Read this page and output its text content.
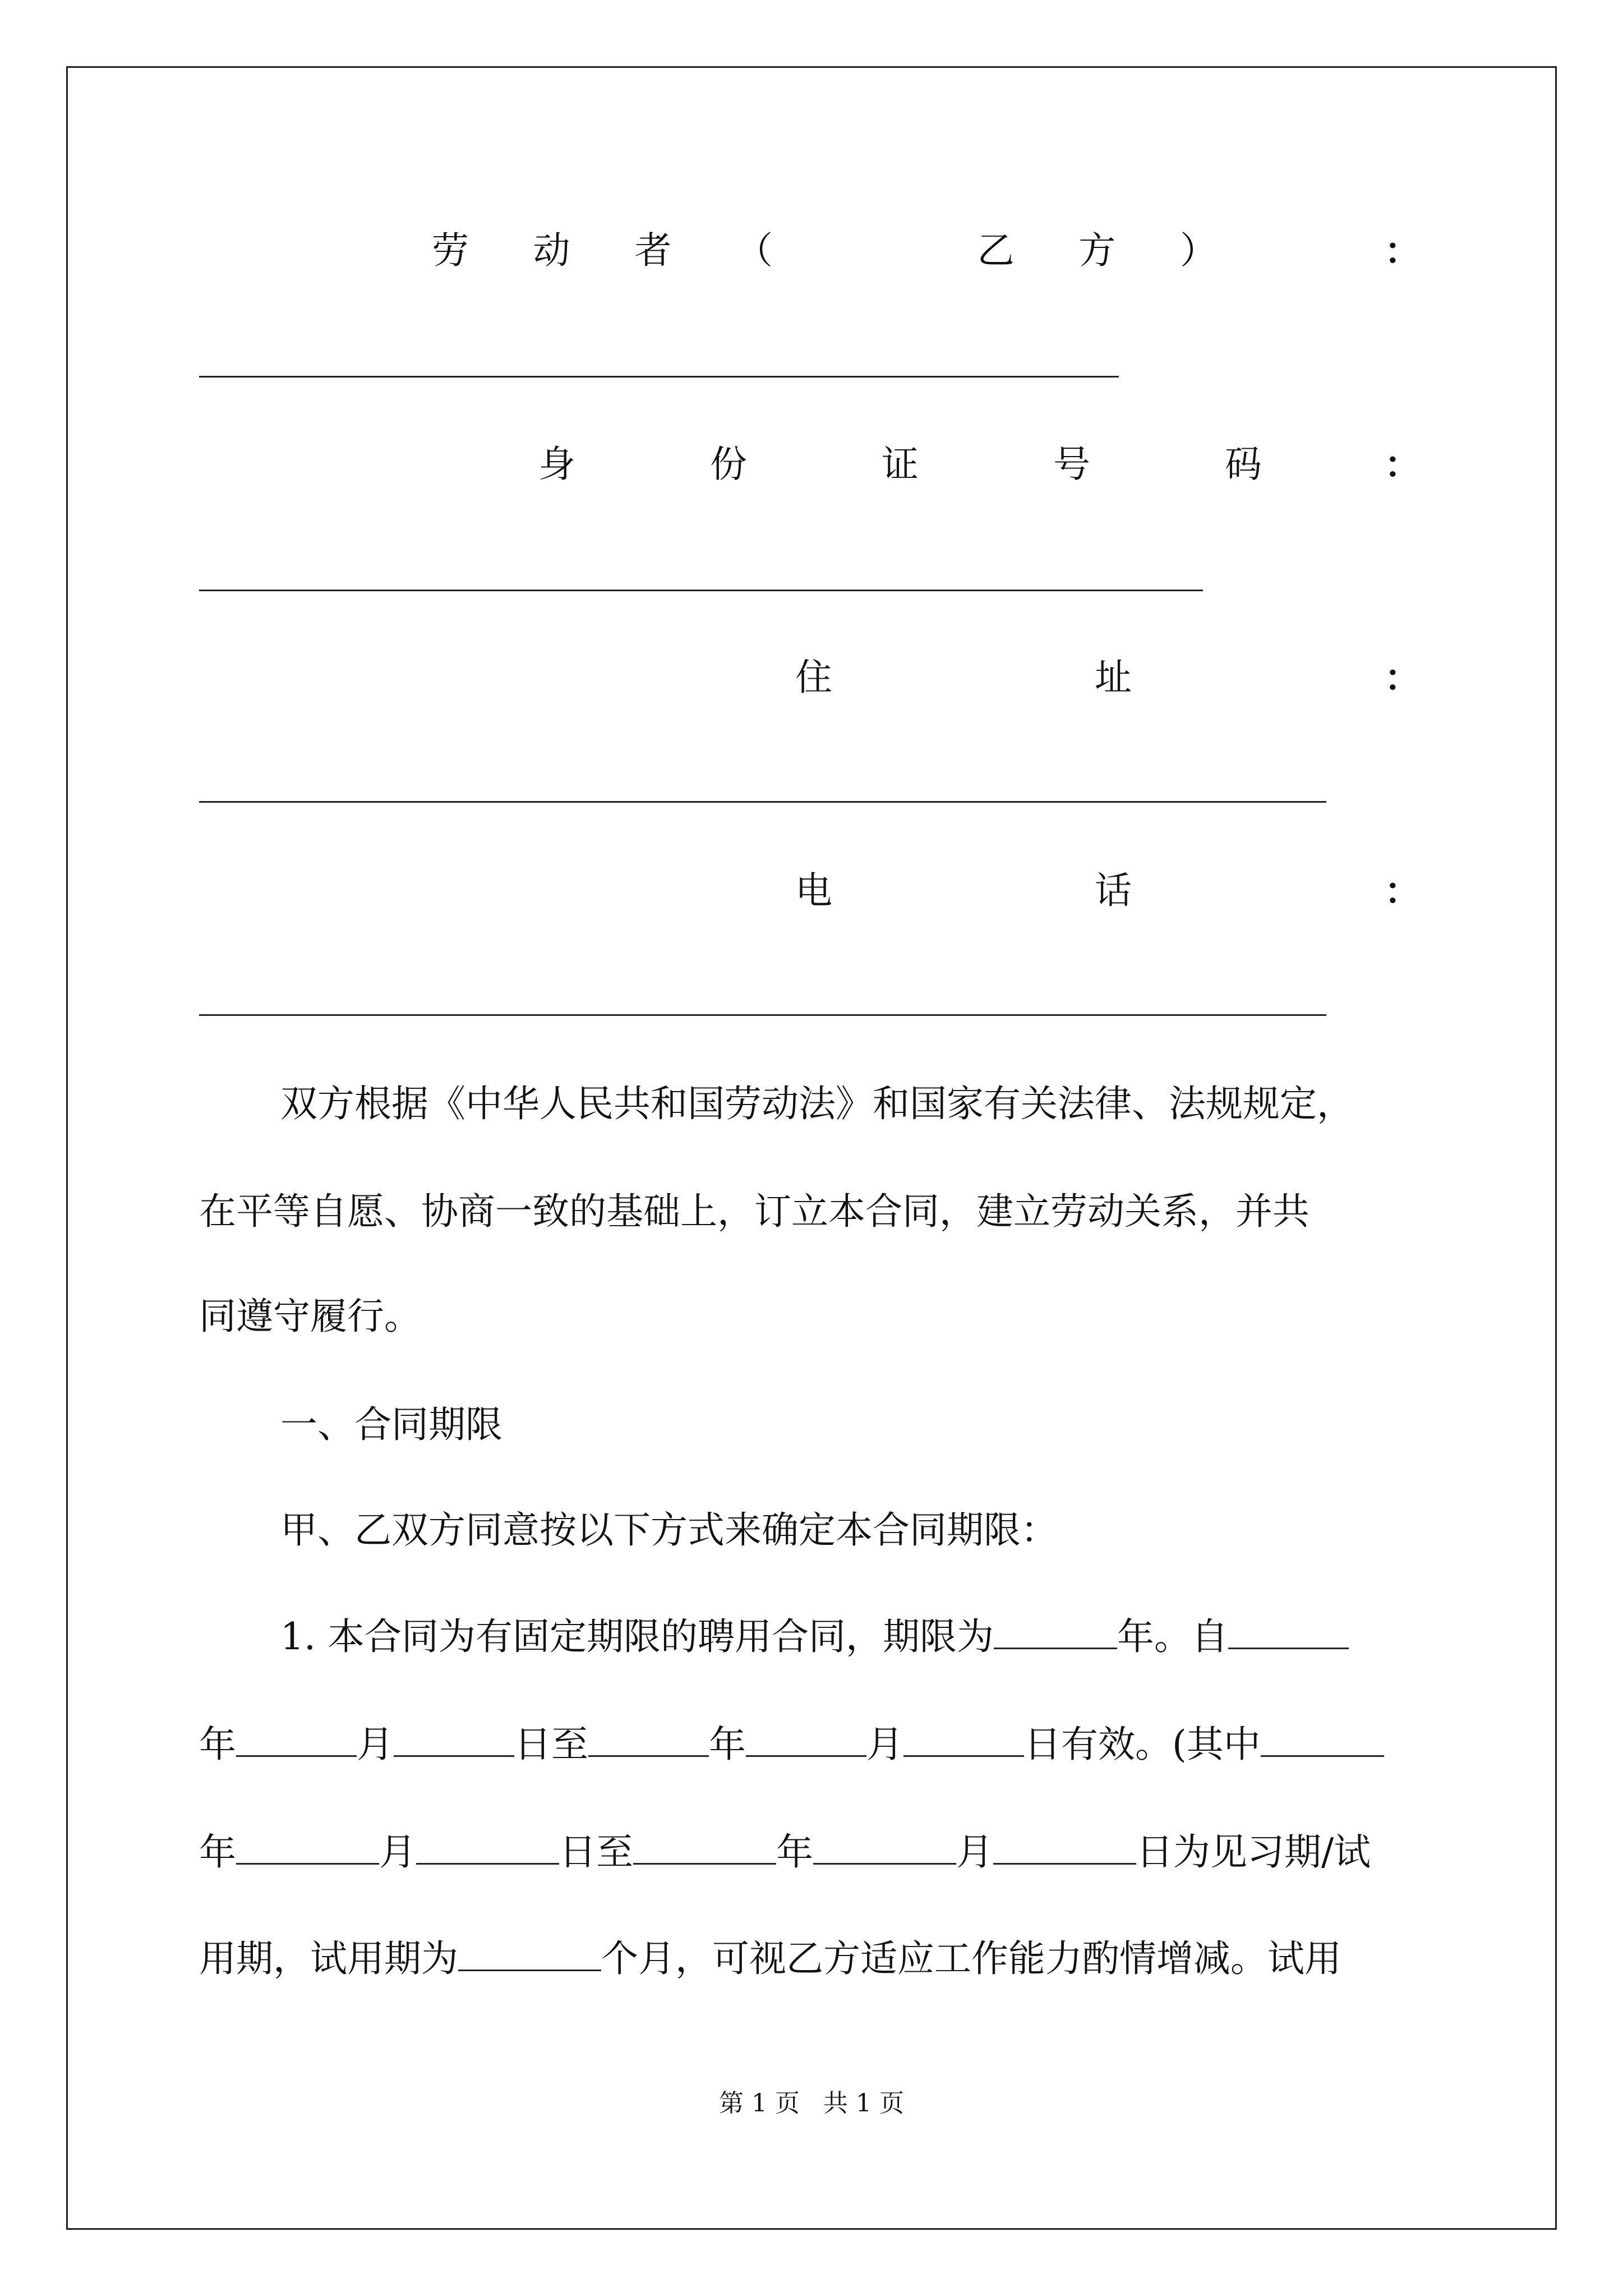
劳 动 者 （	乙 方 ）	：
身	份	证	号	码	：
住	址	：
电	话	：
双方根据《中华人民共和国劳动法》和国家有关法律、法规规定，
在平等自愿、协商一致的基础上，订立本合同，建立劳动关系，并共
同遵守履行。
一、合同期限
甲、乙双方同意按以下方式来确定本合同期限：
1. 本合同为有固定期限的聘用合同，期限为	年。自
年	月	日至	年	月	日有效。(其中
年	月	日至	年	月	日为见习期/试
用期，试用期为	个月，可视乙方适应工作能力酌情增减。试用
第 1 页 共 1 页
